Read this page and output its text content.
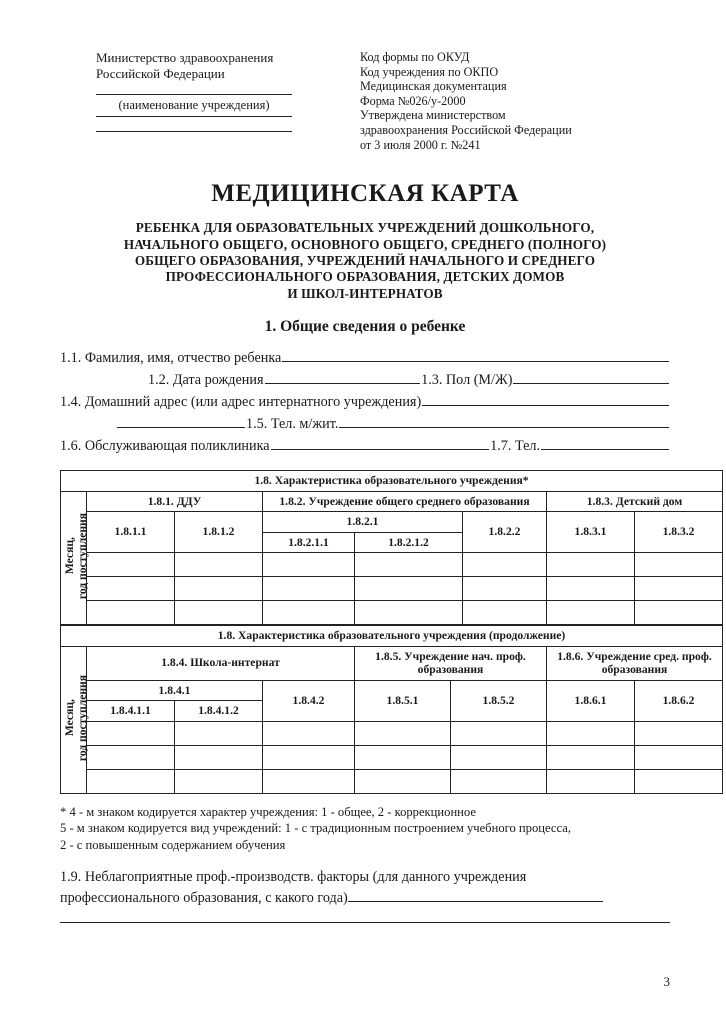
Министерство здравоохранения
Российской Федерации
(наименование учреждения)
Код формы по ОКУД
Код учреждения по ОКПО
Медицинская документация
Форма №026/у-2000
Утверждена министерством
здравоохранения Российской Федерации
от 3 июля 2000 г. №241
МЕДИЦИНСКАЯ КАРТА
РЕБЕНКА ДЛЯ ОБРАЗОВАТЕЛЬНЫХ УЧРЕЖДЕНИЙ ДОШКОЛЬНОГО,
НАЧАЛЬНОГО ОБЩЕГО, ОСНОВНОГО ОБЩЕГО, СРЕДНЕГО (ПОЛНОГО)
ОБЩЕГО ОБРАЗОВАНИЯ, УЧРЕЖДЕНИЙ НАЧАЛЬНОГО И СРЕДНЕГО
ПРОФЕССИОНАЛЬНОГО ОБРАЗОВАНИЯ, ДЕТСКИХ ДОМОВ
И ШКОЛ-ИНТЕРНАТОВ
1. Общие сведения о ребенке
1.1. Фамилия, имя, отчество ребенка
1.2. Дата рождения	1.3. Пол (М/Ж)
1.4. Домашний адрес (или адрес интернатного учреждения)
1.5. Тел. м/жит.
1.6. Обслуживающая поликлиника	1.7. Тел.
1.8. Характеристика образовательного учреждения*							
Месяц,
год поступления	1.8.1. ДДУ		1.8.2. Учреждение общего среднего образования			1.8.3. Детский дом	

	1.8.1.1	1.8.1.2	1.8.2.1		1.8.2.2	1.8.3.1	1.8.3.2
			1.8.2.1.1	1.8.2.1.2			

1.8. Характеристика образовательного учреждения (продолжение)							
Месяц,
год поступления	1.8.4. Школа-интернат			1.8.5. Учреждение нач. проф. образования		1.8.6. Учреждение сред. проф. образования	

	1.8.4.1		1.8.4.2	1.8.5.1	1.8.5.2	1.8.6.1	1.8.6.2
	1.8.4.1.1	1.8.4.1.2					

* 4 - м знаком кодируется характер учреждения: 1 - общее, 2 - коррекционное
5 - м знаком кодируется вид учреждений: 1 - с традиционным построением учебного процесса,
2 - с повышенным содержанием обучения
1.9. Неблагоприятные проф.-производств. факторы (для данного учреждения
профессионального образования, с какого года)
3
